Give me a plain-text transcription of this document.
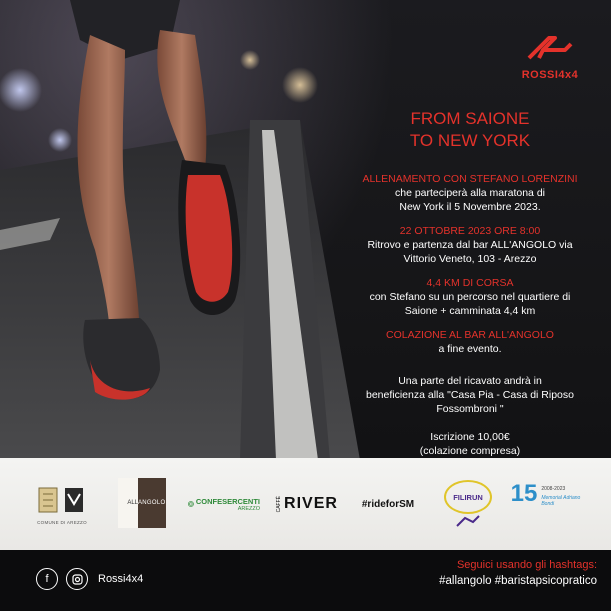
ROSSI4x4
FROM SAIONE
TO NEW YORK
ALLENAMENTO CON STEFANO LORENZINI
che parteciperà alla maratona di
New York il 5 Novembre 2023.
22 OTTOBRE 2023 ORE 8:00
Ritrovo e partenza dal bar ALL'ANGOLO via
Vittorio Veneto, 103 - Arezzo
4,4 KM DI CORSA
con Stefano su un percorso nel quartiere di
Saione + camminata 4,4 km
COLAZIONE AL BAR ALL'ANGOLO
a fine evento.
Una parte del ricavato andrà in
beneficienza alla "Casa Pia - Casa di Riposo
Fossombroni "
Iscrizione 10,00€
(colazione compresa)
COMUNE DI AREZZO
ALL ANGOLO	CONFESERCENTI
AREZZO	CAFFÈ RIVER #rideforSM
FILIRUN 15 2008-2023
Memorial Adriano Bondi
f	Rossi4x4
Seguici usando gli hashtags:
#allangolo #baristapsicopratico
